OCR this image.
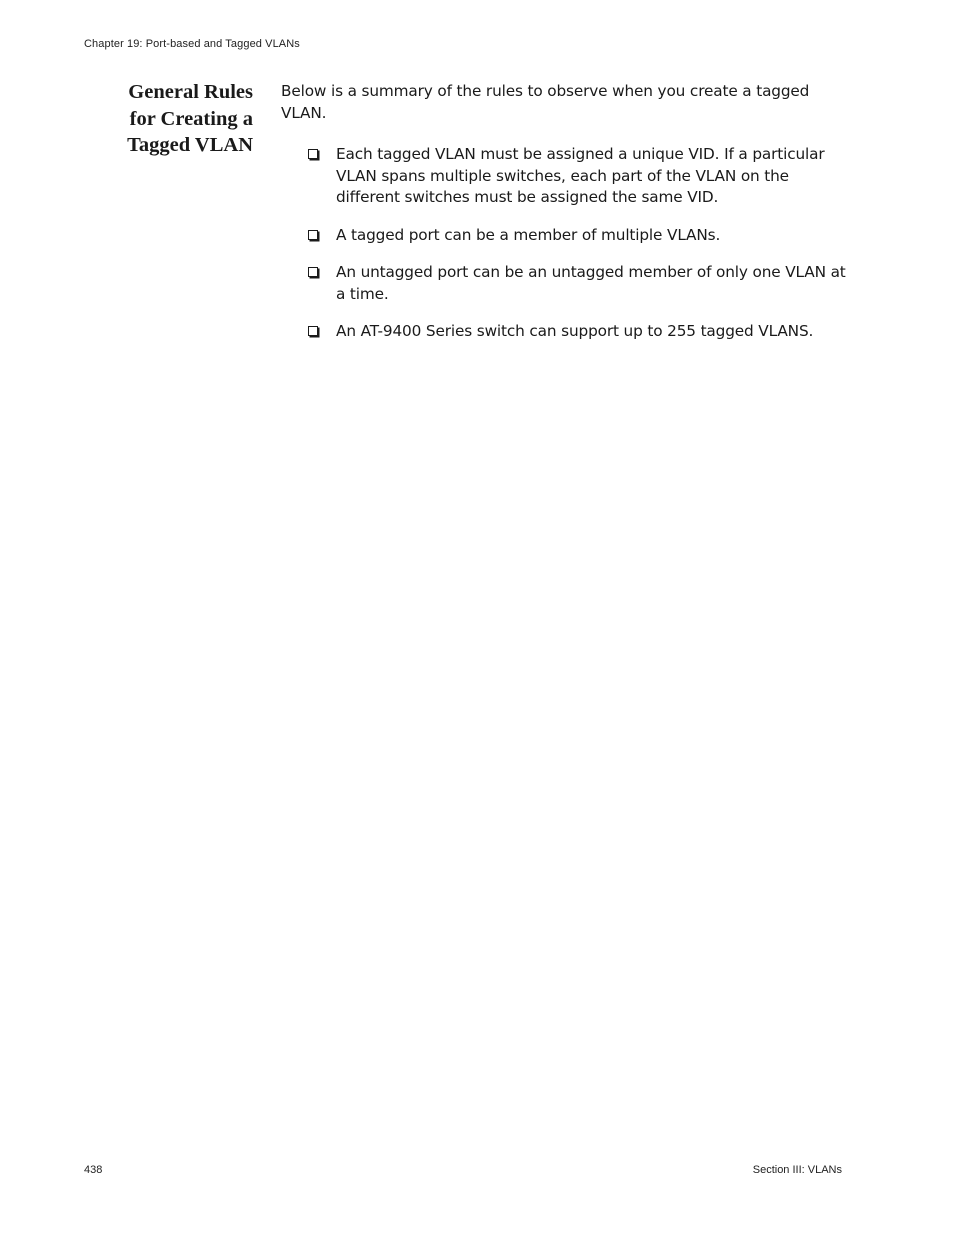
Chapter 19: Port-based and Tagged VLANs
General Rules
for Creating a
Tagged VLAN

Below is a summary of the rules to observe when you create a tagged VLAN.

Each tagged VLAN must be assigned a unique VID. If a particular VLAN spans multiple switches, each part of the VLAN on the different switches must be assigned the same VID.
A tagged port can be a member of multiple VLANs.
An untagged port can be an untagged member of only one VLAN at a time.
An AT-9400 Series switch can support up to 255 tagged VLANS.
438	Section III: VLANs
